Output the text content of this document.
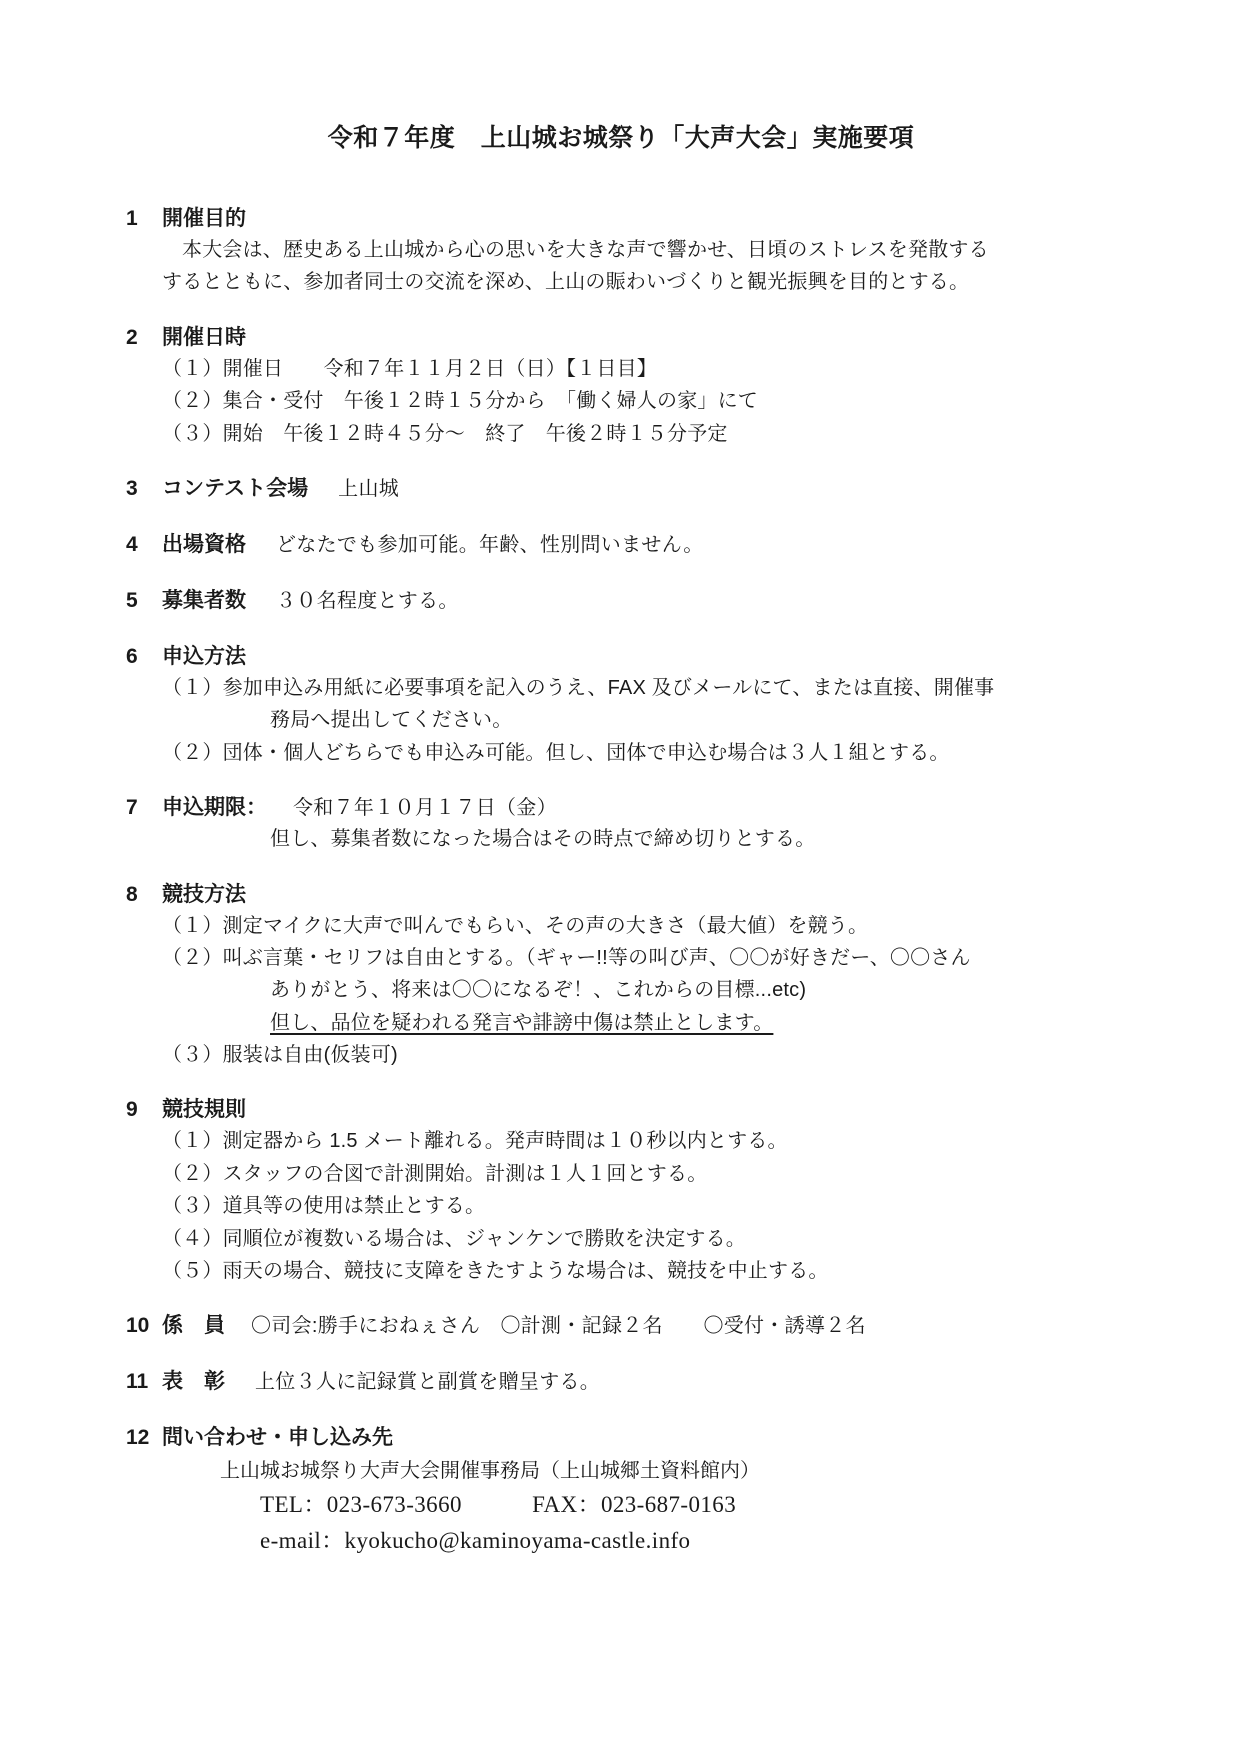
令和７年度　上山城お城祭り「大声大会」実施要項
1	開催目的
本大会は、歴史ある上山城から心の思いを大きな声で響かせ、日頃のストレスを発散する
するとともに、参加者同士の交流を深め、上山の賑わいづくりと観光振興を目的とする。
2	開催日時
（１）開催日　　令和７年１１月２日（日）【１日目】
（２）集合・受付　午後１２時１５分から　「働く婦人の家」にて
（３）開始　午後１２時４５分〜　終了　午後２時１５分予定
3	コンテスト会場	上山城
4	出場資格	どなたでも参加可能。年齢、性別問いません。
5	募集者数	３０名程度とする。
6	申込方法
（１）参加申込み用紙に必要事項を記入のうえ、FAX 及びメールにて、または直接、開催事
務局へ提出してください。
（２）団体・個人どちらでも申込み可能。但し、団体で申込む場合は３人１組とする。
7	申込期限：	令和７年１０月１７日（金）
但し、募集者数になった場合はその時点で締め切りとする。
8	競技方法
（１）測定マイクに大声で叫んでもらい、その声の大きさ（最大値）を競う。
（２）叫ぶ言葉・セリフは自由とする。（ギャー!!等の叫び声、〇〇が好きだー、〇〇さん
ありがとう、将来は〇〇になるぞ！、これからの目標...etc)
但し、品位を疑われる発言や誹謗中傷は禁止とします。
（３）服装は自由(仮装可)
9	競技規則
（１）測定器から 1.5 メート離れる。発声時間は１０秒以内とする。
（２）スタッフの合図で計測開始。計測は１人１回とする。
（３）道具等の使用は禁止とする。
（４）同順位が複数いる場合は、ジャンケンで勝敗を決定する。
（５）雨天の場合、競技に支障をきたすような場合は、競技を中止する。
10 係　員	〇司会:勝手におねぇさん　〇計測・記録２名　　〇受付・誘導２名
11 表　彰	上位３人に記録賞と副賞を贈呈する。
12 問い合わせ・申し込み先
上山城お城祭り大声大会開催事務局（上山城郷土資料館内）
TEL：023-673-3660　　　FAX：023-687-0163
e-mail：kyokucho@kaminoyama-castle.info
